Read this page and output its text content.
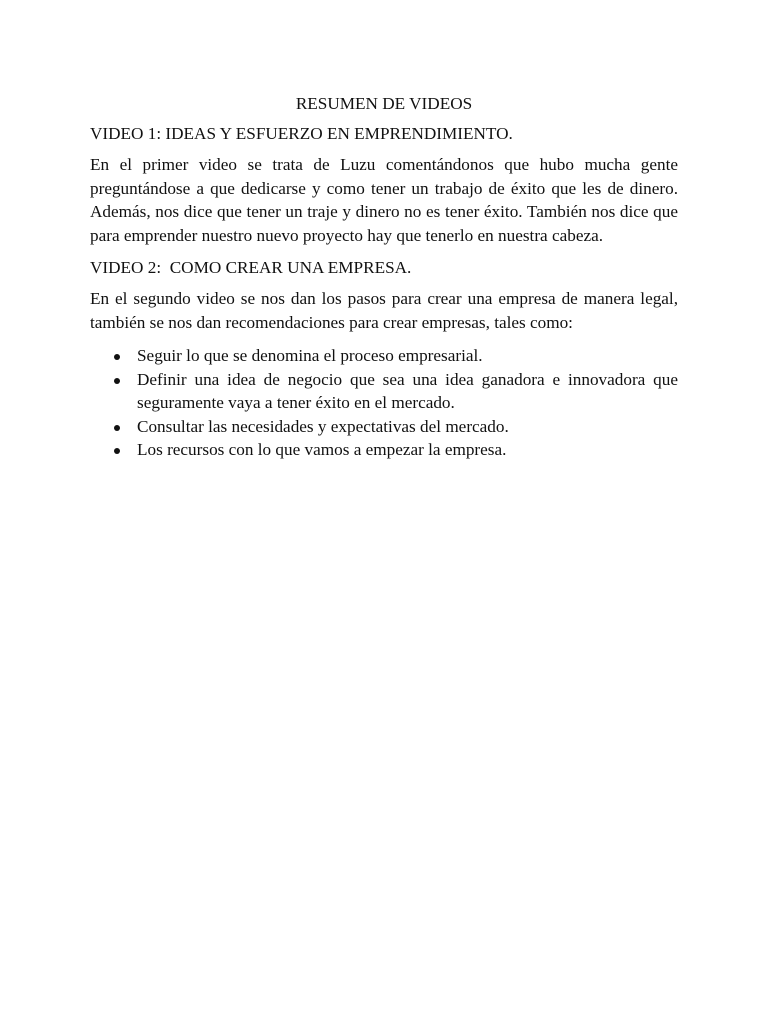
RESUMEN DE VIDEOS

VIDEO 1: IDEAS Y ESFUERZO EN EMPRENDIMIENTO.

En el primer video se trata de Luzu comentándonos que hubo mucha gente preguntándose a que dedicarse y como tener un trabajo de éxito que les de dinero. Además, nos dice que tener un traje y dinero no es tener éxito. También nos dice que para emprender nuestro nuevo proyecto hay que tenerlo en nuestra cabeza.

VIDEO 2:  COMO CREAR UNA EMPRESA.

En el segundo video se nos dan los pasos para crear una empresa de manera legal, también se nos dan recomendaciones para crear empresas, tales como:

Seguir lo que se denomina el proceso empresarial.
Definir una idea de negocio que sea una idea ganadora e innovadora que seguramente vaya a tener éxito en el mercado.
Consultar las necesidades y expectativas del mercado.
Los recursos con lo que vamos a empezar la empresa.
